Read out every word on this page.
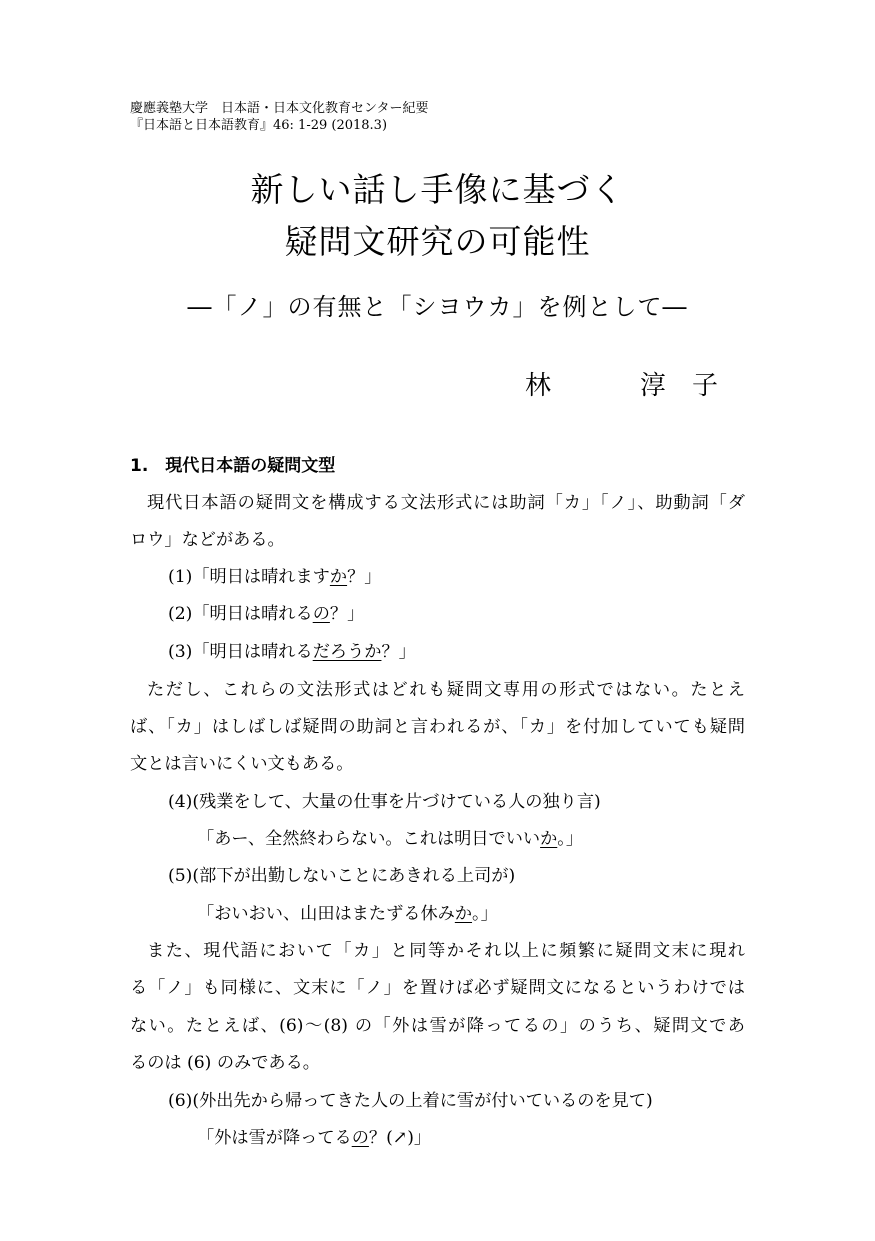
慶應義塾大学　日本語・日本文化教育センター紀要
『日本語と日本語教育』46: 1-29 (2018.3)
新しい話し手像に基づく
疑問文研究の可能性
―「ノ」の有無と「シヨウカ」を例として―
林	淳　子
1.　現代日本語の疑問文型
現代日本語の疑問文を構成する文法形式には助詞「カ」「ノ」、助動詞「ダ
ロウ」などがある。
(1)「明日は晴れますか？」
(2)「明日は晴れるの？」
(3)「明日は晴れるだろうか？」
ただし、これらの文法形式はどれも疑問文専用の形式ではない。たとえ
ば、「カ」はしばしば疑問の助詞と言われるが、「カ」を付加していても疑問
文とは言いにくい文もある。
(4)(残業をして、大量の仕事を片づけている人の独り言)
「あー、全然終わらない。これは明日でいいか。」
(5)(部下が出勤しないことにあきれる上司が)
「おいおい、山田はまたずる休みか。」
また、現代語において「カ」と同等かそれ以上に頻繁に疑問文末に現れ
る「ノ」も同様に、文末に「ノ」を置けば必ず疑問文になるというわけでは
ない。たとえば、(6)～(8) の「外は雪が降ってるの」のうち、疑問文であ
るのは (6) のみである。
(6)(外出先から帰ってきた人の上着に雪が付いているのを見て)
「外は雪が降ってるの？(↗)」
